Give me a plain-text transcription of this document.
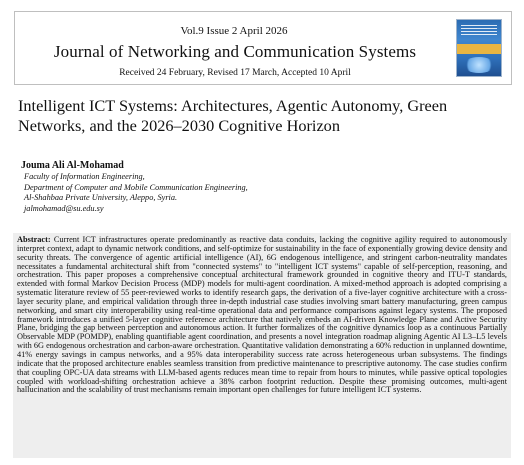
Vol.9 Issue 2 April 2026
Journal of Networking and Communication Systems
Received 24 February, Revised 17 March, Accepted 10 April
Intelligent ICT Systems: Architectures, Agentic Autonomy, Green Networks, and the 2026–2030 Cognitive Horizon
Jouma Ali Al-Mohamad
Faculty of Information Engineering,
Department of Computer and Mobile Communication Engineering,
Al-Shahbaa Private University, Aleppo, Syria.
jalmohamad@su.edu.sy
Abstract: Current ICT infrastructures operate predominantly as reactive data conduits, lacking the cognitive agility required to autonomously interpret context, adapt to dynamic network conditions, and self-optimize for sustainability in the face of exponentially growing device density and security threats. The convergence of agentic artificial intelligence (AI), 6G endogenous intelligence, and stringent carbon-neutrality mandates necessitates a fundamental architectural shift from "connected systems" to "intelligent ICT systems" capable of self-perception, reasoning, and orchestration. This paper proposes a comprehensive conceptual architectural framework grounded in cognitive theory and ITU-T standards, extended with formal Markov Decision Process (MDP) models for multi-agent coordination. A mixed-method approach is adopted comprising a systematic literature review of 55 peer-reviewed works to identify research gaps, the derivation of a five-layer cognitive architecture with a cross-layer security plane, and empirical validation through three in-depth industrial case studies involving smart battery manufacturing, green campus networking, and smart city interoperability using real-time operational data and performance comparisons against legacy systems. The proposed framework introduces a unified 5-layer cognitive reference architecture that natively embeds an AI-driven Knowledge Plane and Active Security Plane, bridging the gap between perception and autonomous action. It further formalizes of the cognitive dynamics loop as a continuous Partially Observable MDP (POMDP), enabling quantifiable agent coordination, and presents a novel integration roadmap aligning Agentic AI L3–L5 levels with 6G endogenous orchestration and carbon-aware orchestration. Quantitative validation demonstrating a 60% reduction in unplanned downtime, 41% energy savings in campus networks, and a 95% data interoperability success rate across heterogeneous urban subsystems. The findings indicate that the proposed architecture enables seamless transition from predictive maintenance to prescriptive autonomy. The case studies confirm that coupling OPC-UA data streams with LLM-based agents reduces mean time to repair from hours to minutes, while passive optical topologies coupled with workload-shifting orchestration achieve a 38% carbon footprint reduction. Despite these promising outcomes, multi-agent hallucination and the scalability of trust mechanisms remain important open challenges for future intelligent ICT systems.
